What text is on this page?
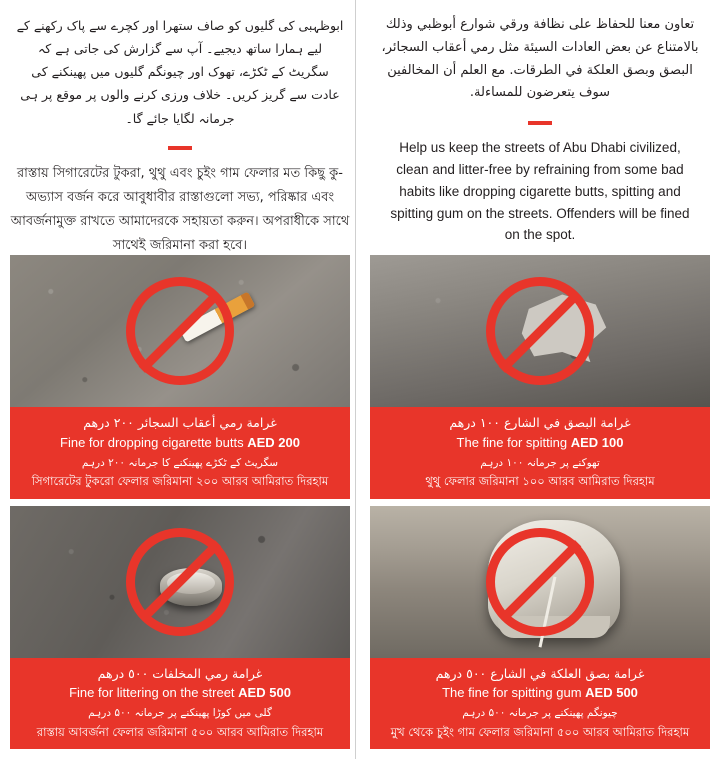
ابوظہبی کی گلیوں کو صاف ستھرا اور کچرے سے پاک رکھنے کے لیے ہمارا ساتھ دیجیے۔ آپ سے گزارش کی جاتی ہے کہ سگریٹ کے ٹکڑے، تھوک اور چیونگم گلیوں میں پھینکنے کی عادت سے گریز کریں۔ خلاف ورزی کرنے والوں پر موقع پر ہی جرمانہ لگایا جائے گا۔
রাস্তায় সিগারেটের টুকরা, থুথু এবং চুইং গাম ফেলার মত কিছু কু-অভ্যাস বর্জন করে আবুধাবীর রাস্তাগুলো সভ্য, পরিষ্কার এবং আবর্জনামুক্ত রাখতে আমাদেরকে সহায়তা করুন। অপরাধীকে সাথে সাথেই জরিমানা করা হবে।
غرامة رمي أعقاب السجائر ٢٠٠ درهم
Fine for dropping cigarette butts AED 200
سگریٹ کے ٹکڑے پھینکنے کا جرمانہ ۲۰۰ درہم
সিগারেটের টুকরো ফেলার জরিমানা ২০০ আরব আমিরাত দিরহাম
غرامة رمي المخلفات ٥٠٠ درهم
Fine for littering on the street AED 500
گلی میں کوڑا پھینکنے پر جرمانہ ۵۰۰ درہم
রাস্তায় আবর্জনা ফেলার জরিমানা ৫০০ আরব আমিরাত দিরহাম
تعاون معنا للحفاظ على نظافة ورقي شوارع أبوظبي وذلك بالامتناع عن بعض العادات السيئة مثل رمي أعقاب السجائر، البصق وبصق العلكة في الطرقات. مع العلم أن المخالفين سوف يتعرضون للمساءلة.
Help us keep the streets of Abu Dhabi civilized, clean and litter-free by refraining from some bad habits like dropping cigarette butts, spitting and spitting gum on the streets. Offenders will be fined on the spot.
غرامة البصق في الشارع ١٠٠ درهم
The fine for spitting AED 100
تھوکنے پر جرمانہ ۱۰۰ درہم
থুথু ফেলার জরিমানা ১০০ আরব আমিরাত দিরহাম
غرامة بصق العلكة في الشارع ٥٠٠ درهم
The fine for spitting gum AED 500
چیونگم پھینکنے پر جرمانہ ۵۰۰ درہم
মুখ থেকে চুইং গাম ফেলার জরিমানা ৫০০ আরব আমিরাত দিরহাম
